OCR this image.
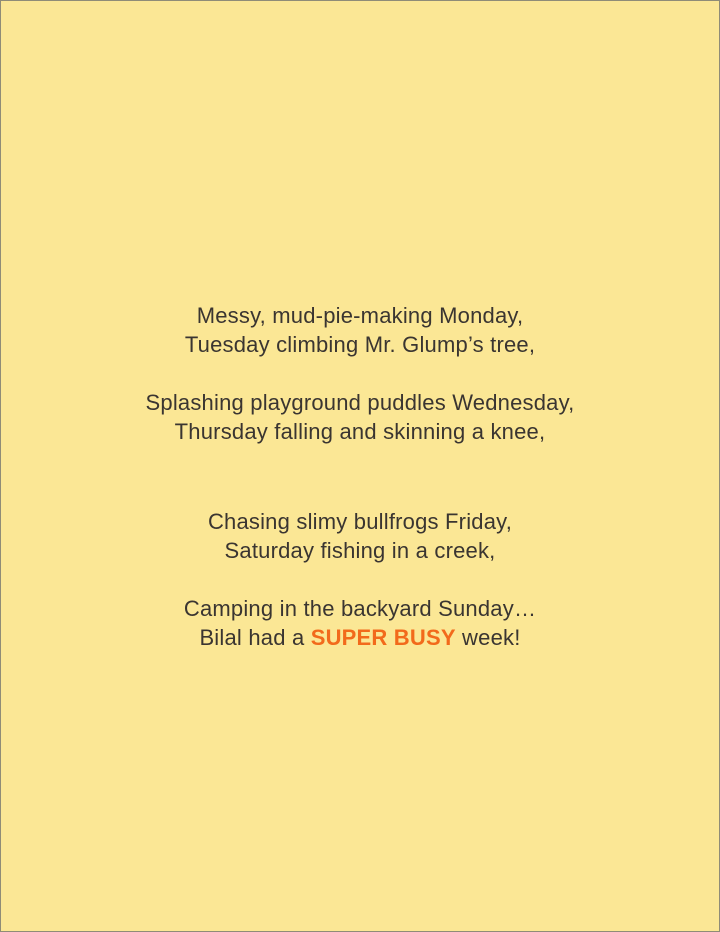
Messy, mud-pie-making Monday,
Tuesday climbing Mr. Glump’s tree,

Splashing playground puddles Wednesday,
Thursday falling and skinning a knee,

Chasing slimy bullfrogs Friday,
Saturday fishing in a creek,

Camping in the backyard Sunday…
Bilal had a SUPER BUSY week!
